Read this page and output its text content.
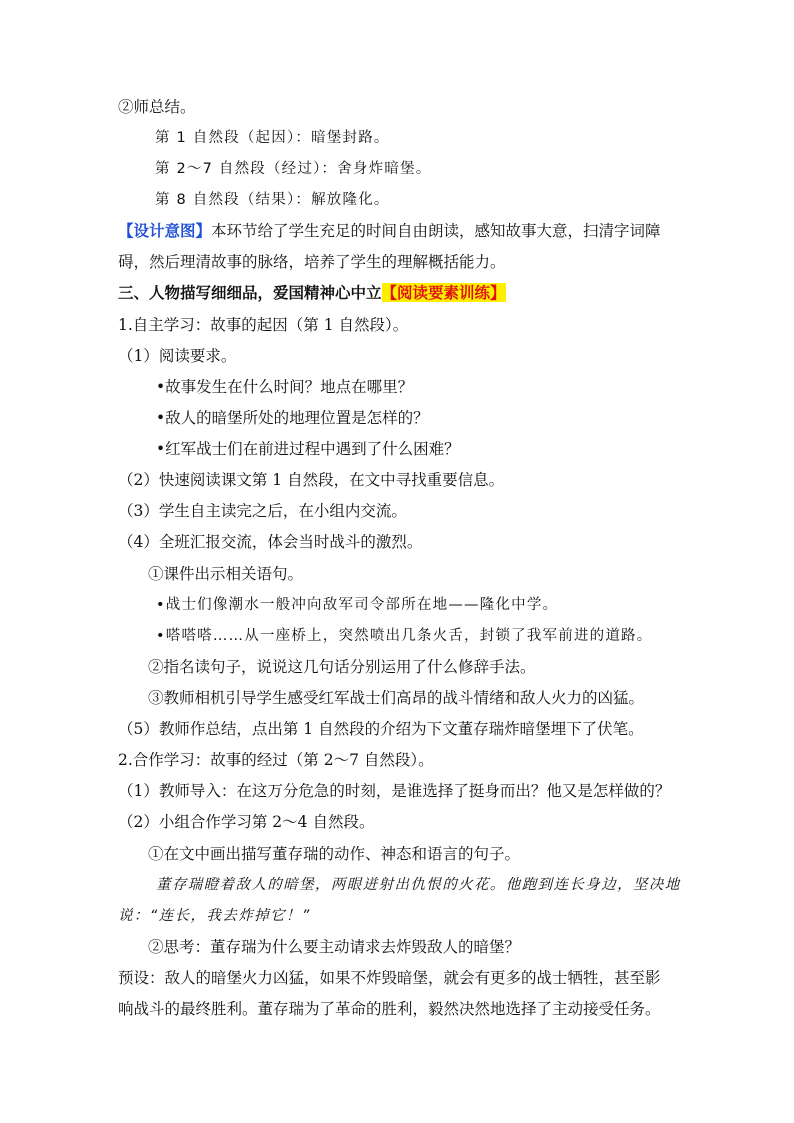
②师总结。
第 1 自然段（起因）：暗堡封路。
第 2～7 自然段（经过）：舍身炸暗堡。
第 8 自然段（结果）：解放隆化。
【设计意图】本环节给了学生充足的时间自由朗读，感知故事大意，扫清字词障
碍，然后理清故事的脉络，培养了学生的理解概括能力。
三、人物描写细细品，爱国精神心中立【阅读要素训练】
1.自主学习：故事的起因（第 1 自然段）。
（1）阅读要求。
•故事发生在什么时间？地点在哪里？
•敌人的暗堡所处的地理位置是怎样的？
•红军战士们在前进过程中遇到了什么困难？
（2）快速阅读课文第 1 自然段，在文中寻找重要信息。
（3）学生自主读完之后，在小组内交流。
（4）全班汇报交流，体会当时战斗的激烈。
①课件出示相关语句。
•战士们像潮水一般冲向敌军司令部所在地——隆化中学。
•嗒嗒嗒……从一座桥上，突然喷出几条火舌，封锁了我军前进的道路。
②指名读句子，说说这几句话分别运用了什么修辞手法。
③教师相机引导学生感受红军战士们高昂的战斗情绪和敌人火力的凶猛。
（5）教师作总结，点出第 1 自然段的介绍为下文董存瑞炸暗堡埋下了伏笔。
2.合作学习：故事的经过（第 2～7 自然段）。
（1）教师导入：在这万分危急的时刻，是谁选择了挺身而出？他又是怎样做的？
（2）小组合作学习第 2～4 自然段。
①在文中画出描写董存瑞的动作、神态和语言的句子。
董存瑞瞪着敌人的暗堡，两眼迸射出仇恨的火花。他跑到连长身边，坚决地
说：“连长，我去炸掉它！”
②思考：董存瑞为什么要主动请求去炸毁敌人的暗堡？
预设：敌人的暗堡火力凶猛，如果不炸毁暗堡，就会有更多的战士牺牲，甚至影
响战斗的最终胜利。董存瑞为了革命的胜利，毅然决然地选择了主动接受任务。
